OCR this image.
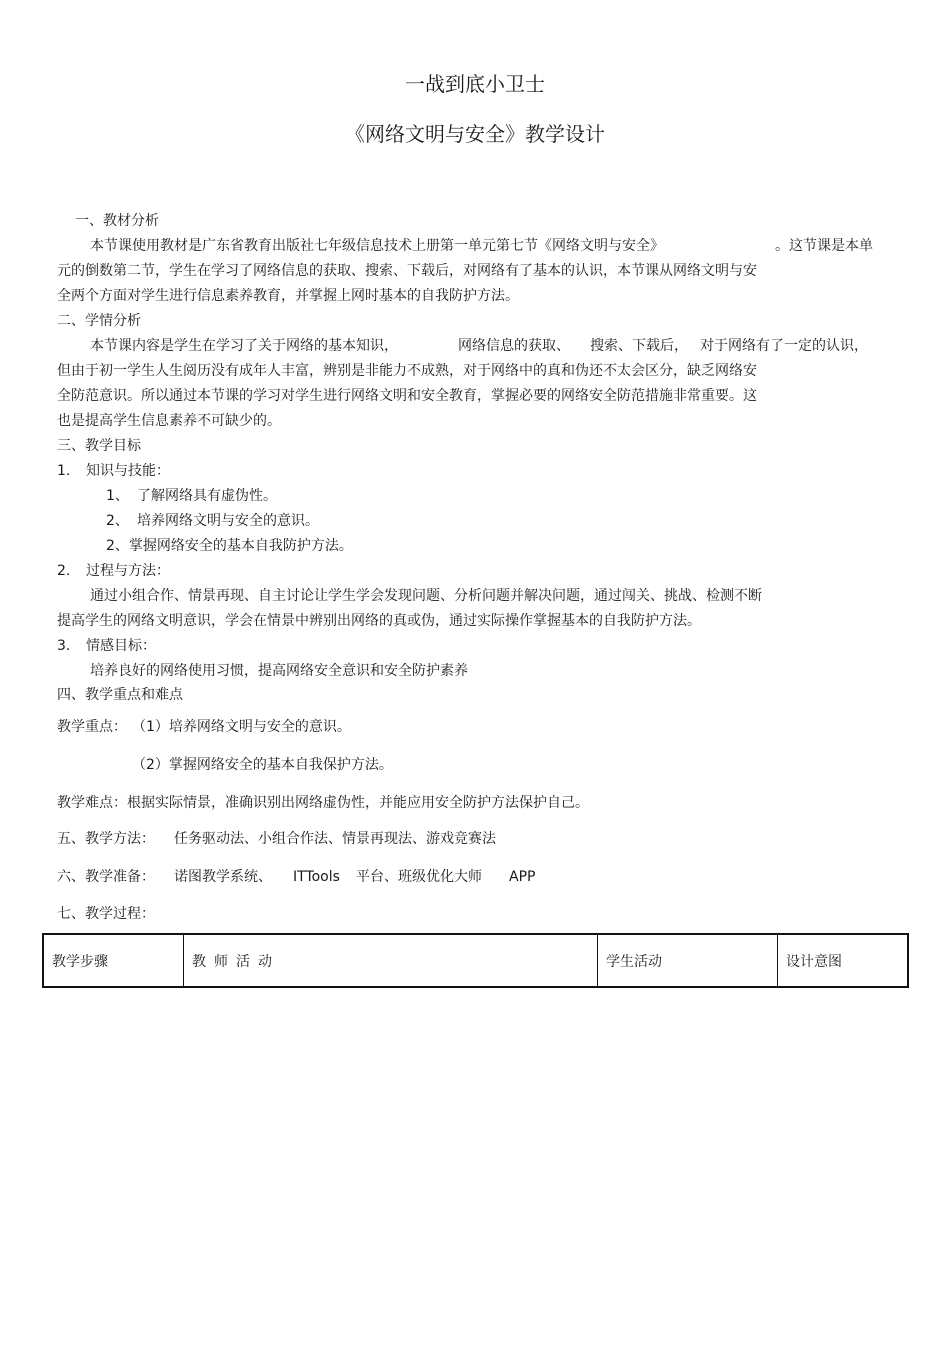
一战到底小卫士
《网络文明与安全》教学设计
一、教材分析
本节课使用教材是广东省教育出版社七年级信息技术上册第一单元第七节《网络文明与安全》	。这节课是本单
元的倒数第二节，学生在学习了网络信息的获取、搜索、下载后，对网络有了基本的认识，本节课从网络文明与安
全两个方面对学生进行信息素养教育，并掌握上网时基本的自我防护方法。
二、学情分析
本节课内容是学生在学习了关于网络的基本知识，	网络信息的获取、 搜索、下载后， 对于网络有了一定的认识，
但由于初一学生人生阅历没有成年人丰富，辨别是非能力不成熟，对于网络中的真和伪还不太会区分，缺乏网络安
全防范意识。所以通过本节课的学习对学生进行网络文明和安全教育，掌握必要的网络安全防范措施非常重要。这
也是提高学生信息素养不可缺少的。
三、教学目标
1. 知识与技能：
1、 了解网络具有虚伪性。
2、 培养网络文明与安全的意识。
2、掌握网络安全的基本自我防护方法。
2. 过程与方法：
通过小组合作、情景再现、自主讨论让学生学会发现问题、分析问题并解决问题，通过闯关、挑战、检测不断
提高学生的网络文明意识，学会在情景中辨别出网络的真或伪，通过实际操作掌握基本的自我防护方法。
3. 情感目标：
培养良好的网络使用习惯，提高网络安全意识和安全防护素养
四、教学重点和难点
教学重点： （1）培养网络文明与安全的意识。
（2）掌握网络安全的基本自我保护方法。
教学难点：根据实际情景，准确识别出网络虚伪性，并能应用安全防护方法保护自己。
五、教学方法： 任务驱动法、小组合作法、情景再现法、游戏竞赛法
六、教学准备： 诺图教学系统、 ITTools 平台、班级优化大师 APP
七、教学过程：
教学步骤	教师活动	学生活动	设计意图
